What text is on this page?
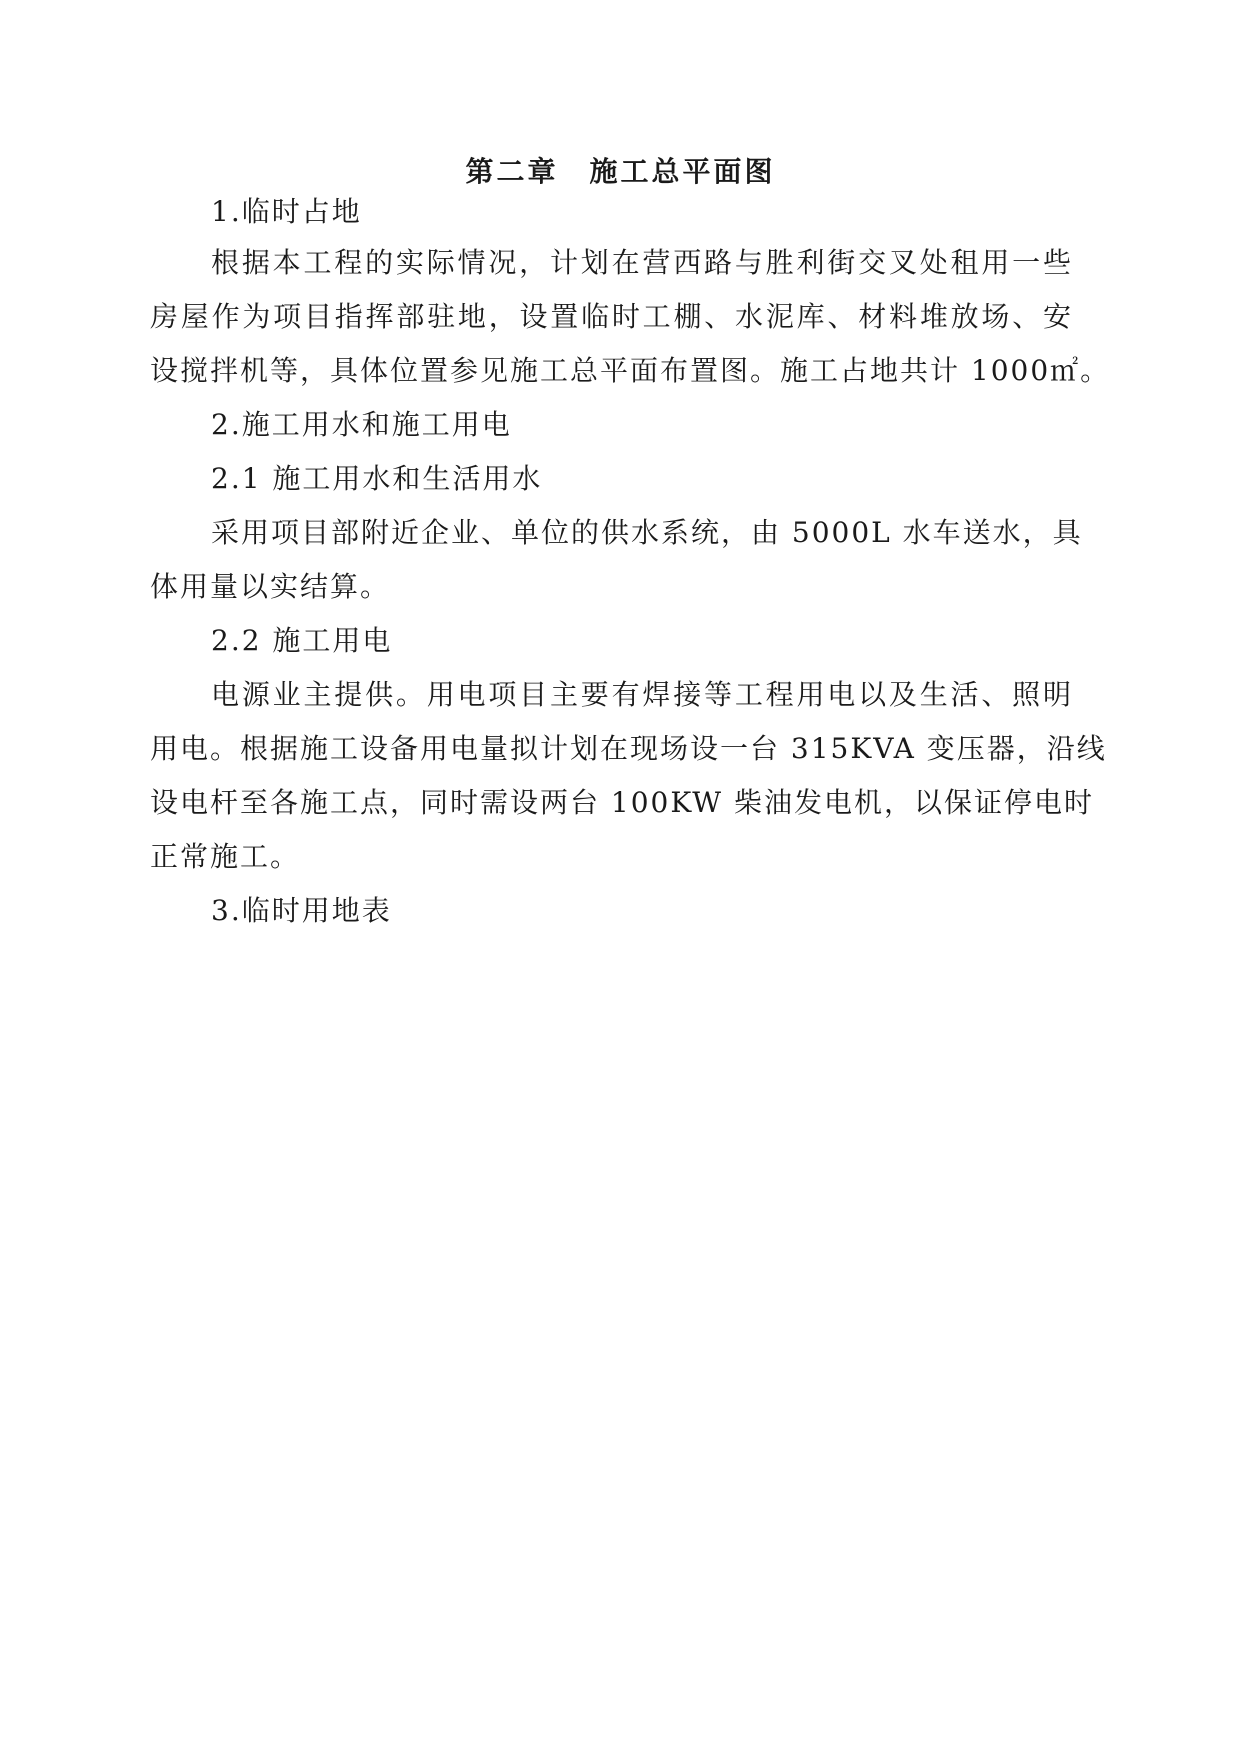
第二章　施工总平面图
1.临时占地
根据本工程的实际情况，计划在营西路与胜利街交叉处租用一些
房屋作为项目指挥部驻地，设置临时工棚、水泥库、材料堆放场、安
设搅拌机等，具体位置参见施工总平面布置图。施工占地共计 1000㎡。
2.施工用水和施工用电
2.1 施工用水和生活用水
采用项目部附近企业、单位的供水系统，由 5000L 水车送水，具
体用量以实结算。
2.2 施工用电
电源业主提供。用电项目主要有焊接等工程用电以及生活、照明
用电。根据施工设备用电量拟计划在现场设一台 315KVA 变压器，沿线
设电杆至各施工点，同时需设两台 100KW 柴油发电机，以保证停电时
正常施工。
3.临时用地表
